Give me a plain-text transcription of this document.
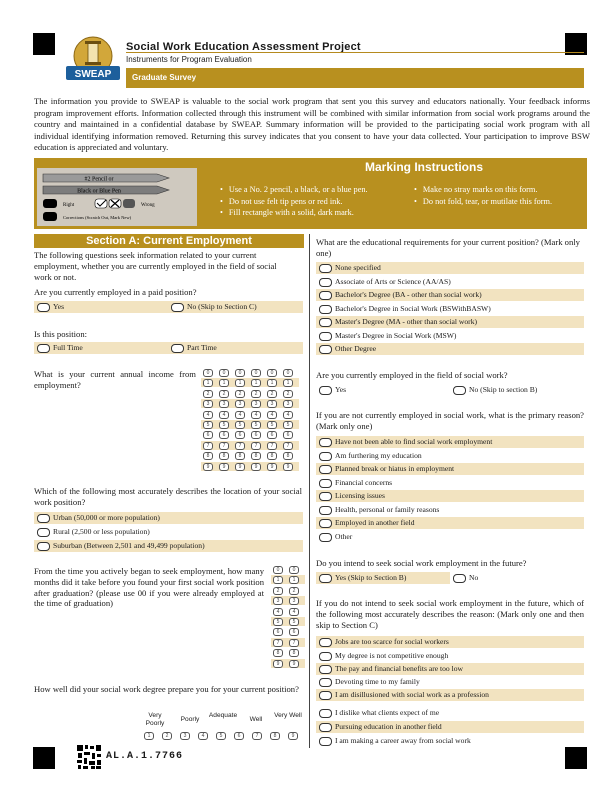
SWEAP
Social Work Education Assessment Project
Instruments for Program Evaluation
Graduate Survey
The information you provide to SWEAP is valuable to the social work program that sent you this survey and educators nationally. Your feedback informs program improvement efforts. Information collected through this instrument will be combined with similar information from social work programs around the country and maintained in a confidential database by SWEAP. Summary information will be provided to the participating social work program with all individual identifying information removed. Returning this survey indicates that you consent to have your data collected. Your participation to improve BSW education is appreciated and voluntary.
Marking Instructions
#2 Pencil or
Black or Blue Pen
Right	Wrong
Corrections (Scratch Out, Mark New)
• Use a No. 2 pencil, a black, or a blue pen.
• Do not use felt tip pens or red ink.
• Fill rectangle with a solid, dark mark.
• Make no stray marks on this form.
• Do not fold, tear, or mutilate this form.
Section A: Current Employment
The following questions seek information related to your current employment, whether you are currently employed in the field of social work or not.
Are you currently employed in a paid position?
Yes	No (Skip to Section C)
Is this position:
Full Time	Part Time
What is your current annual income from employment?
0	0	0	0	0	0
1	1	1	1	1	1
2	2	2	2	2	2
3	3	3	3	3	3
4	4	4	4	4	4
5	5	5	5	5	5
6	6	6	6	6	6
7	7	7	7	7	7
8	8	8	8	8	8
9	9	9	9	9	9
Which of the following most accurately describes the location of your social work position?
Urban (50,000 or more population)
Rural (2,500 or less population)
Suburban (Between 2,501 and 49,499 population)
From the time you actively began to seek employment, how many months did it take before you found your first social work position after graduation? (please use 00 if you were already employed at the time of graduation)
0	0
1	1
2	2
3	3
4	4
5	5
6	6
7	7
8	8
9	9
How well did your social work degree prepare you for your current position?
Very Poorly	Poorly
Adequate
Well
Very Well
1	2	3	4	5	6	7	8	9
What are the educational requirements for your current position? (Mark only one)
None specified
Associate of Arts or Science (AA/AS)
Bachelor's Degree (BA - other than social work)
Bachelor's Degree in Social Work (BSWithBASW)
Master's Degree (MA - other than social work)
Master's Degree in Social Work (MSW)
Other Degree
Are you currently employed in the field of social work?
Yes	No (Skip to section B)
If you are not currently employed in social work, what is the primary reason? (Mark only one)
Have not been able to find social work employment
Am furthering my education
Planned break or hiatus in employment
Financial concerns
Licensing issues
Health, personal or family reasons
Employed in another field
Other
Do you intend to seek social work employment in the future?
Yes (Skip to Section B)	No
If you do not intend to seek social work employment in the future, which of the following most accurately describes the reason: (Mark only one and then skip to Section C)
Jobs are too scarce for social workers
My degree is not competitive enough
The pay and financial benefits are too low
Devoting time to my family
I am disillusioned with social work as a profession
I dislike what clients expect of me
Pursuing education in another field
I am making a career away from social work
AL.A.1.7766
